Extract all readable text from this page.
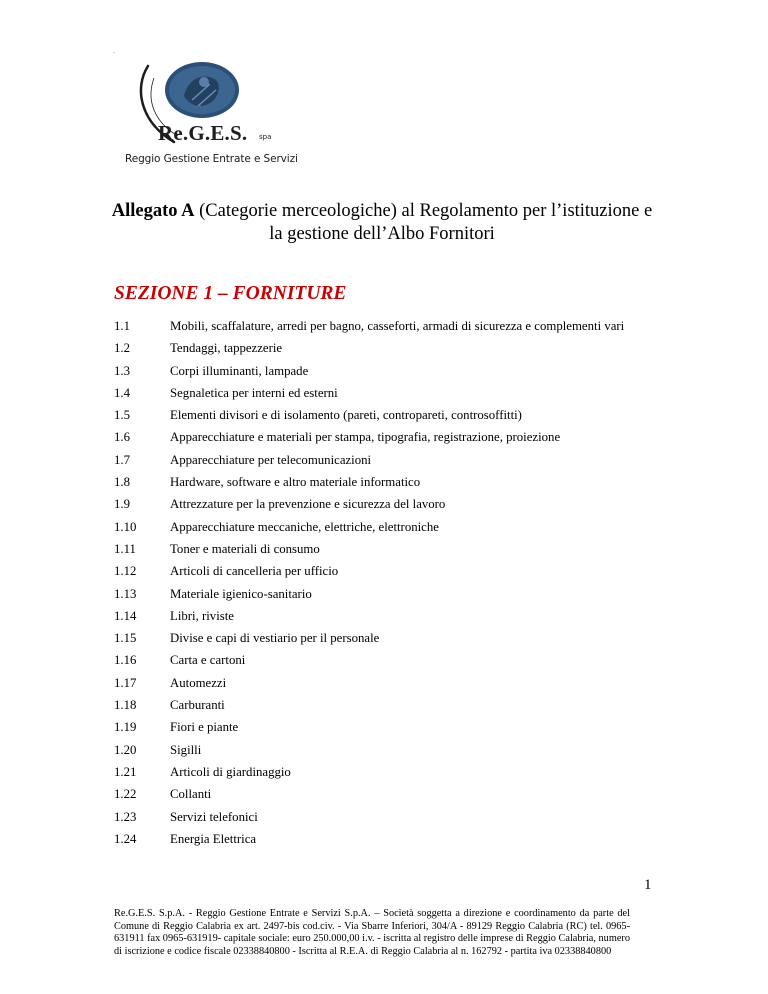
.
Re.G.E.S. spa
Reggio Gestione Entrate e Servizi
Allegato A (Categorie merceologiche) al Regolamento per l’istituzione e
la gestione dell’Albo Fornitori
SEZIONE 1 – FORNITURE
1.1	Mobili, scaffalature, arredi per bagno, casseforti, armadi di sicurezza e complementi vari
1.2	Tendaggi, tappezzerie
1.3	Corpi illuminanti, lampade
1.4	Segnaletica per interni ed esterni
1.5	Elementi divisori e di isolamento (pareti, contropareti, controsoffitti)
1.6	Apparecchiature e materiali per stampa, tipografia, registrazione, proiezione
1.7	Apparecchiature per telecomunicazioni
1.8	Hardware, software e altro materiale informatico
1.9	Attrezzature per la prevenzione e sicurezza del lavoro
1.10	Apparecchiature meccaniche, elettriche, elettroniche
1.11	Toner e materiali di consumo
1.12	Articoli di cancelleria per ufficio
1.13	Materiale igienico-sanitario
1.14	Libri, riviste
1.15	Divise e capi di vestiario per il personale
1.16	Carta e cartoni
1.17	Automezzi
1.18	Carburanti
1.19	Fiori e piante
1.20	Sigilli
1.21	Articoli di giardinaggio
1.22	Collanti
1.23	Servizi telefonici
1.24	Energia Elettrica
1
Re.G.E.S. S.p.A. - Reggio Gestione Entrate e Servizi S.p.A. – Società soggetta a direzione e coordinamento da parte del Comune di Reggio Calabria ex art. 2497-bis cod.civ. - Via Sbarre Inferiori, 304/A - 89129 Reggio Calabria (RC) tel. 0965-631911 fax 0965-631919- capitale sociale: euro 250.000,00 i.v. - iscritta al registro delle imprese di Reggio Calabria, numero di iscrizione e codice fiscale 02338840800 - Iscritta al R.E.A. di Reggio Calabria al n. 162792 - partita iva 02338840800
